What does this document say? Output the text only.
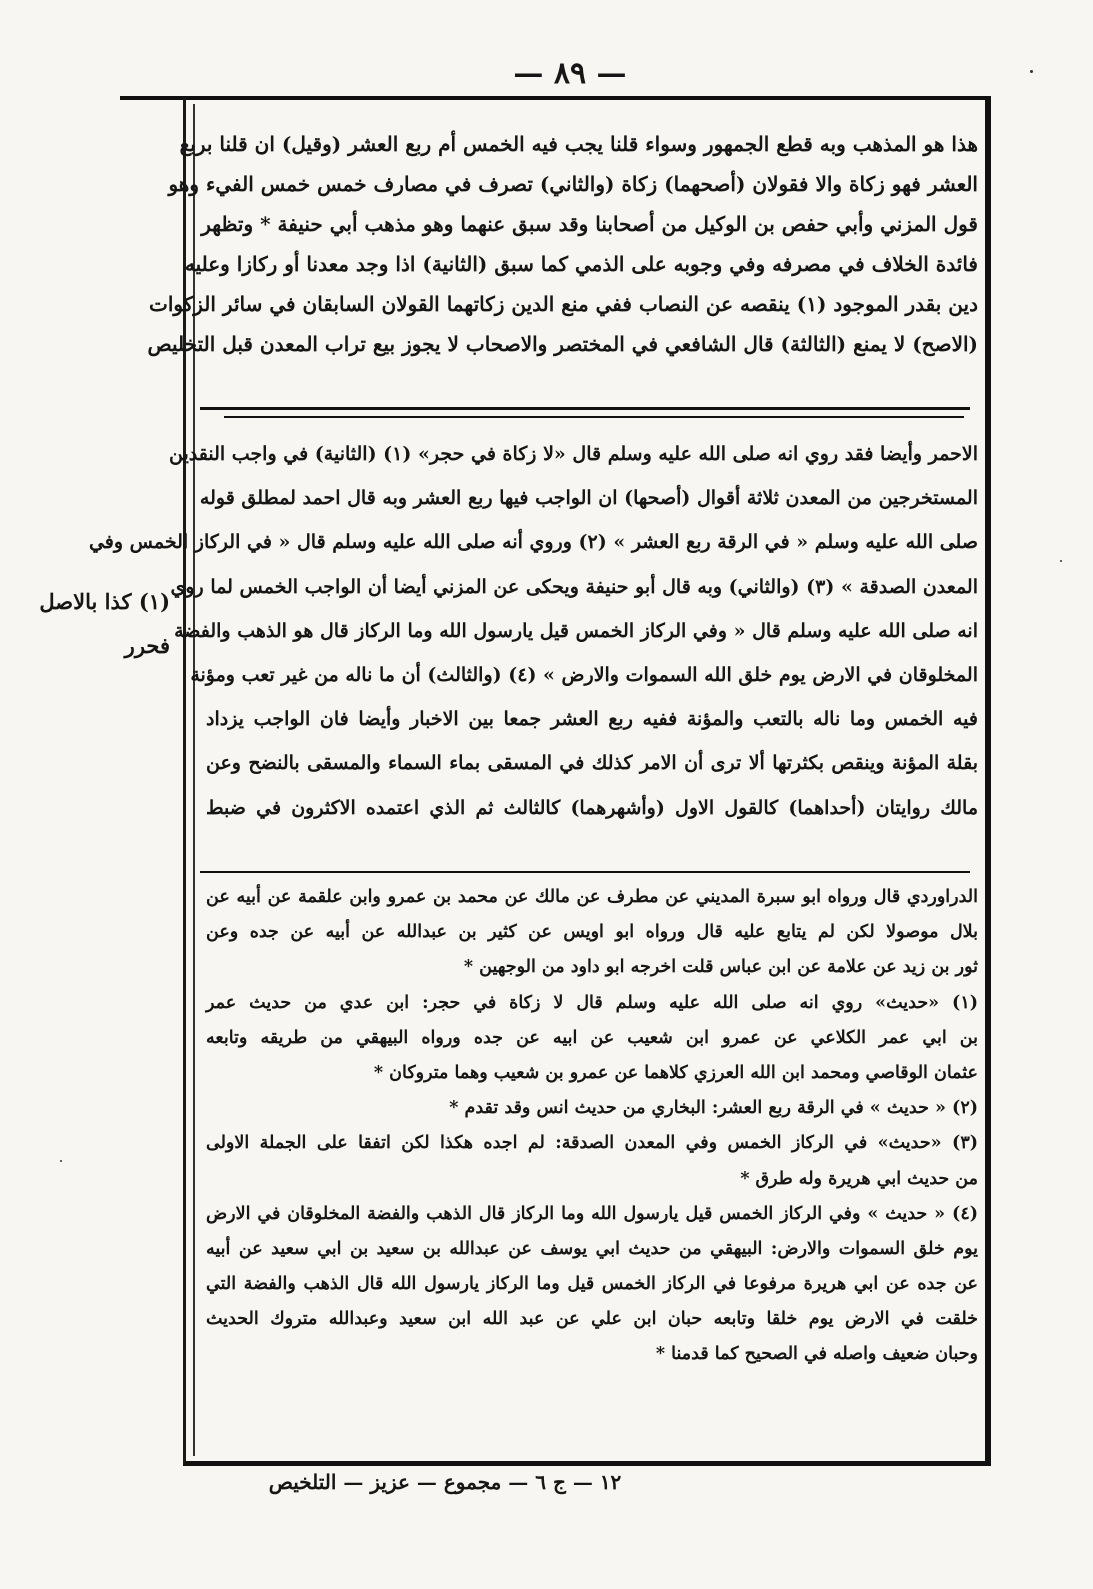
— ٨٩ —
هذا هو المذهب وبه قطع الجمهور وسواء قلنا يجب فيه الخمس أم ربع العشر (وقيل) ان قلنا بربع
العشر فهو زكاة والا فقولان (أصحهما) زكاة (والثاني) تصرف في مصارف خمس خمس الفيء وهو
قول المزني وأبي حفص بن الوكيل من أصحابنا وقد سبق عنهما وهو مذهب أبي حنيفة * وتظهر
فائدة الخلاف في مصرفه وفي وجوبه على الذمي كما سبق (الثانية) اذا وجد معدنا أو ركازا وعليه
دين بقدر الموجود (١) ينقصه عن النصاب ففي منع الدين زكاتهما القولان السابقان في سائر الزكوات
(الاصح) لا يمنع (الثالثة) قال الشافعي في المختصر والاصحاب لا يجوز بيع تراب المعدن قبل التخليص
الاحمر وأيضا فقد روي انه صلى الله عليه وسلم قال «لا زكاة في حجر» (١) (الثانية) في واجب النقدين
المستخرجين من المعدن ثلاثة أقوال (أصحها) ان الواجب فيها ربع العشر وبه قال احمد لمطلق قوله
صلى الله عليه وسلم « في الرقة ربع العشر » (٢) وروي أنه صلى الله عليه وسلم قال « في الركاز الخمس وفي
المعدن الصدقة » (٣) (والثاني) وبه قال أبو حنيفة ويحكى عن المزني أيضا أن الواجب الخمس لما روي
انه صلى الله عليه وسلم قال « وفي الركاز الخمس قيل يارسول الله وما الركاز قال هو الذهب والفضة
المخلوقان في الارض يوم خلق الله السموات والارض » (٤) (والثالث) أن ما ناله من غير تعب ومؤنة
فيه الخمس وما ناله بالتعب والمؤنة ففيه ربع العشر جمعا بين الاخبار وأيضا فان الواجب يزداد
بقلة المؤنة وينقص بكثرتها ألا ترى أن الامر كذلك في المسقى بماء السماء والمسقى بالنضح وعن
مالك روايتان (أحداهما) كالقول الاول (وأشهرهما) كالثالث ثم الذي اعتمده الاكثرون في ضبط
الدراوردي قال ورواه ابو سبرة المديني عن مطرف عن مالك عن محمد بن عمرو وابن علقمة عن أبيه عن
بلال موصولا لكن لم يتابع عليه قال ورواه ابو اويس عن كثير بن عبدالله عن أبيه عن جده وعن
ثور بن زيد عن علامة عن ابن عباس قلت اخرجه ابو داود من الوجهين *
(١) «حديث» روي انه صلى الله عليه وسلم قال لا زكاة في حجر: ابن عدي من حديث عمر
بن ابي عمر الكلاعي عن عمرو ابن شعيب عن ابيه عن جده ورواه البيهقي من طريقه وتابعه
عثمان الوقاصي ومحمد ابن الله العرزي كلاهما عن عمرو بن شعيب وهما متروكان *
(٢) « حديث » في الرقة ربع العشر: البخاري من حديث انس وقد تقدم *
(٣) «حديث» في الركاز الخمس وفي المعدن الصدقة: لم اجده هكذا لكن اتفقا على الجملة الاولى
من حديث ابي هريرة وله طرق *
(٤) « حديث » وفي الركاز الخمس قيل يارسول الله وما الركاز قال الذهب والفضة المخلوقان في الارض
يوم خلق السموات والارض: البيهقي من حديث ابي يوسف عن عبدالله بن سعيد بن ابي سعيد عن أبيه
عن جده عن ابي هريرة مرفوعا في الركاز الخمس قيل وما الركاز يارسول الله قال الذهب والفضة التي
خلقت في الارض يوم خلقا وتابعه حبان ابن علي عن عبد الله ابن سعيد وعبدالله متروك الحديث
وحبان ضعيف واصله في الصحيح كما قدمنا *
(١) كذا بالاصل
فحرر
١٢ — ج ٦ — مجموع — عزيز — التلخيص
